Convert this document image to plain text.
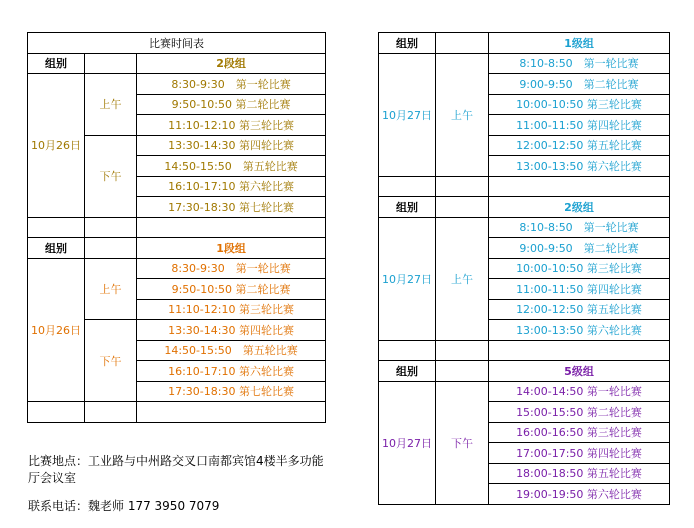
比赛时间表		
组别		2段组
10月26日	上午	8:30-9:30　第一轮比赛
		9:50-10:50 第二轮比赛
		11:10-12:10 第三轮比赛
	下午	13:30-14:30 第四轮比赛
		14:50-15:50　第五轮比赛
		16:10-17:10 第六轮比赛
		17:30-18:30 第七轮比赛

组别		1段组
10月26日	上午	8:30-9:30　第一轮比赛
		9:50-10:50 第二轮比赛
		11:10-12:10 第三轮比赛
	下午	13:30-14:30 第四轮比赛
		14:50-15:50　第五轮比赛
		16:10-17:10 第六轮比赛
		17:30-18:30 第七轮比赛

组别		1级组
10月27日	上午	8:10-8:50　第一轮比赛
		9:00-9:50　第二轮比赛
		10:00-10:50 第三轮比赛
		11:00-11:50 第四轮比赛
		12:00-12:50 第五轮比赛
		13:00-13:50 第六轮比赛

组别		2级组
10月27日	上午	8:10-8:50　第一轮比赛
		9:00-9:50　第二轮比赛
		10:00-10:50 第三轮比赛
		11:00-11:50 第四轮比赛
		12:00-12:50 第五轮比赛
		13:00-13:50 第六轮比赛

组别		5级组
10月27日	下午	14:00-14:50 第一轮比赛
		15:00-15:50 第二轮比赛
		16:00-16:50 第三轮比赛
		17:00-17:50 第四轮比赛
		18:00-18:50 第五轮比赛
		19:00-19:50 第六轮比赛
比赛地点：工业路与中州路交叉口南都宾馆4楼半多功能厅会议室
联系电话：魏老师 177 3950 7079
